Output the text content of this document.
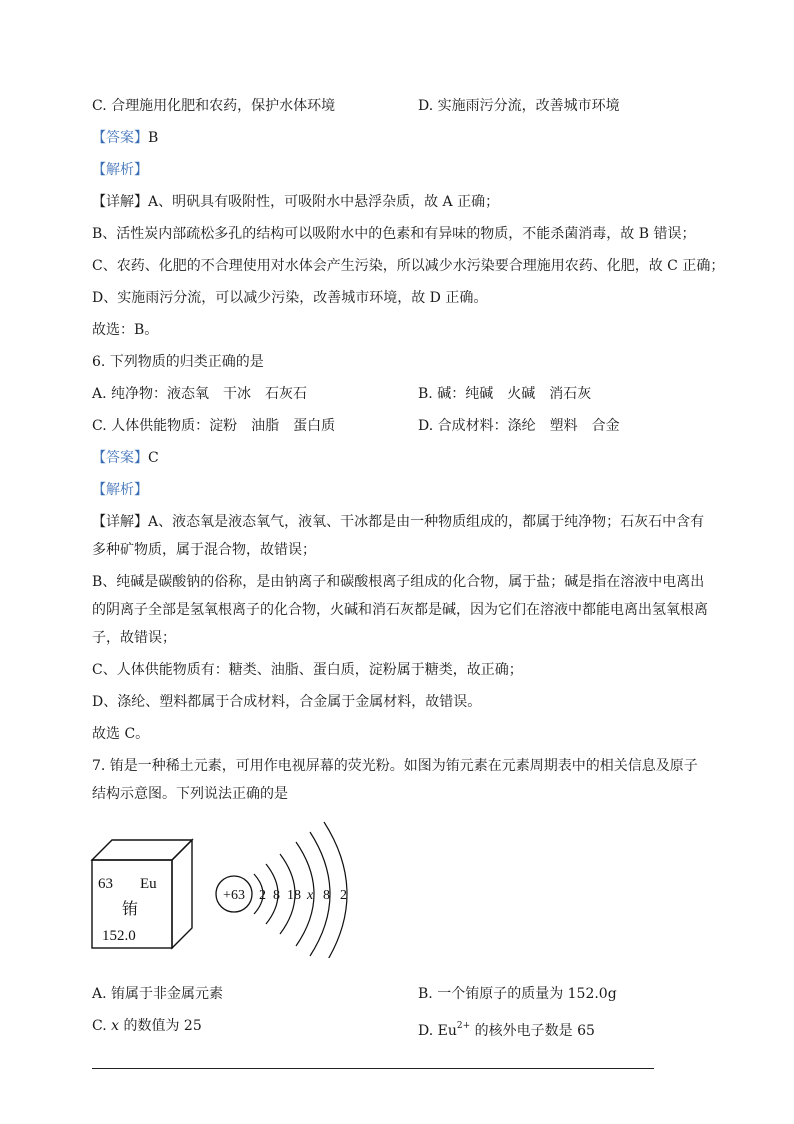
C. 合理施用化肥和农药，保护水体环境	D. 实施雨污分流，改善城市环境
【答案】B
【解析】
【详解】A、明矾具有吸附性，可吸附水中悬浮杂质，故 A 正确；
B、活性炭内部疏松多孔的结构可以吸附水中的色素和有异味的物质，不能杀菌消毒，故 B 错误；
C、农药、化肥的不合理使用对水体会产生污染，所以减少水污染要合理施用农药、化肥，故 C 正确；
D、实施雨污分流，可以减少污染，改善城市环境，故 D 正确。
故选：B。
6. 下列物质的归类正确的是
A. 纯净物：液态氧　干冰　石灰石	B. 碱：纯碱　火碱　消石灰
C. 人体供能物质：淀粉　油脂　蛋白质	D. 合成材料：涤纶　塑料　合金
【答案】C
【解析】
【详解】A、液态氧是液态氧气，液氧、干冰都是由一种物质组成的，都属于纯净物；石灰石中含有
多种矿物质，属于混合物，故错误；
B、纯碱是碳酸钠的俗称，是由钠离子和碳酸根离子组成的化合物，属于盐；碱是指在溶液中电离出
的阴离子全部是氢氧根离子的化合物，火碱和消石灰都是碱，因为它们在溶液中都能电离出氢氧根离
子，故错误；
C、人体供能物质有：糖类、油脂、蛋白质，淀粉属于糖类，故正确；
D、涤纶、塑料都属于合成材料，合金属于金属材料，故错误。
故选 C。
7. 铕是一种稀土元素，可用作电视屏幕的荧光粉。如图为铕元素在元素周期表中的相关信息及原子
结构示意图。下列说法正确的是
63 Eu
铕
152.0
+63 2 8 18 x 8 2
A. 铕属于非金属元素	B. 一个铕原子的质量为 152.0g
C. x 的数值为 25	D. $Eu^{2+}$ 的核外电子数是 65
